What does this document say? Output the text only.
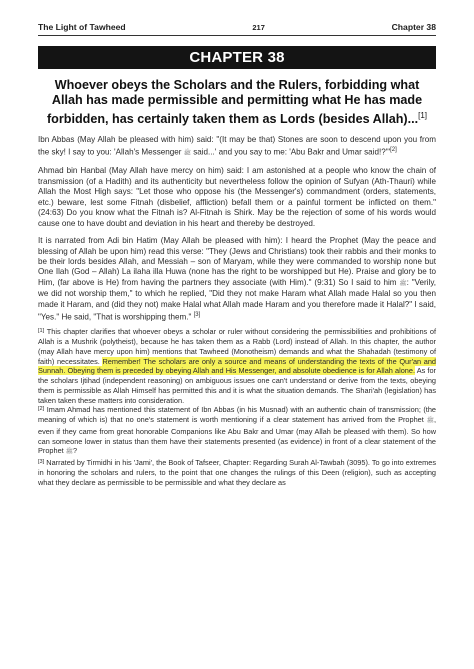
The Light of Tawheed	217	Chapter 38
CHAPTER 38
Whoever obeys the Scholars and the Rulers, forbidding what Allah has made permissible and permitting what He has made forbidden, has certainly taken them as Lords (besides Allah)...[1]

Ibn Abbas (May Allah be pleased with him) said: "(It may be that) Stones are soon to descend upon you from the sky! I say to you: 'Allah's Messenger ﷺ said...' and you say to me: 'Abu Bakr and Umar said!?'"[2]

Ahmad bin Hanbal (May Allah have mercy on him) said: I am astonished at a people who know the chain of transmission (of a Hadith) and its authenticity but nevertheless follow the opinion of Sufyan (Ath-Thauri) while Allah the Most High says: "Let those who oppose his (the Messenger's) commandment (orders, statements, etc.) beware, lest some Fitnah (disbelief, affliction) befall them or a painful torment be inflicted on them." (24:63) Do you know what the Fitnah is? Al-Fitnah is Shirk. May be the rejection of some of his words would cause one to have doubt and deviation in his heart and thereby be destroyed.

It is narrated from Adi bin Hatim (May Allah be pleased with him): I heard the Prophet (May the peace and blessing of Allah be upon him) read this verse: "They (Jews and Christians) took their rabbis and their monks to be their lords besides Allah, and Messiah – son of Maryam, while they were commanded to worship none but One Ilah (God – Allah) La ilaha illa Huwa (none has the right to be worshipped but He). Praise and glory be to Him, (far above is He) from having the partners they associate (with Him)." (9:31) So I said to him ﷺ: "Verily, we did not worship them," to which he replied, "Did they not make Haram what Allah made Halal so you then made it Haram, and (did they not) make Halal what Allah made Haram and you therefore made it Halal?" I said, "Yes." He said, "That is worshipping them." [3]

[1] This chapter clarifies that whoever obeys a scholar or ruler without considering the permissibilities and prohibitions of Allah is a Mushrik (polytheist), because he has taken them as a Rabb (Lord) instead of Allah. In this chapter, the author (may Allah have mercy upon him) mentions that Tawheed (Monotheism) demands and what the Shahadah (testimony of faith) necessitates. Remember! The scholars are only a source and means of understanding the texts of the Qur'an and Sunnah. Obeying them is preceded by obeying Allah and His Messenger, and absolute obedience is for Allah alone. As for the scholars Ijtihad (independent reasoning) on ambiguous issues one can't understand or derive from the texts, obeying them is permissible as Allah Himself has permitted this and it is what the situation demands. The Shari'ah (legislation) has taken taken these matters into consideration.

[2] Imam Ahmad has mentioned this statement of Ibn Abbas (in his Musnad) with an authentic chain of transmission; (the meaning of which is) that no one's statement is worth mentioning if a clear statement has arrived from the Prophet ﷺ, even if they came from great honorable Companions like Abu Bakr and Umar (may Allah be pleased with them). So how can someone lower in status than them have their statements presented (as evidence) in front of a clear statement of the Prophet ﷺ?

[3] Narrated by Tirmidhi in his 'Jami', the Book of Tafseer, Chapter: Regarding Surah Al-Tawbah (3095). To go into extremes in honoring the scholars and rulers, to the point that one changes the rulings of this Deen (religion), such as accepting what they declare as permissible to be permissible and what they declare as
